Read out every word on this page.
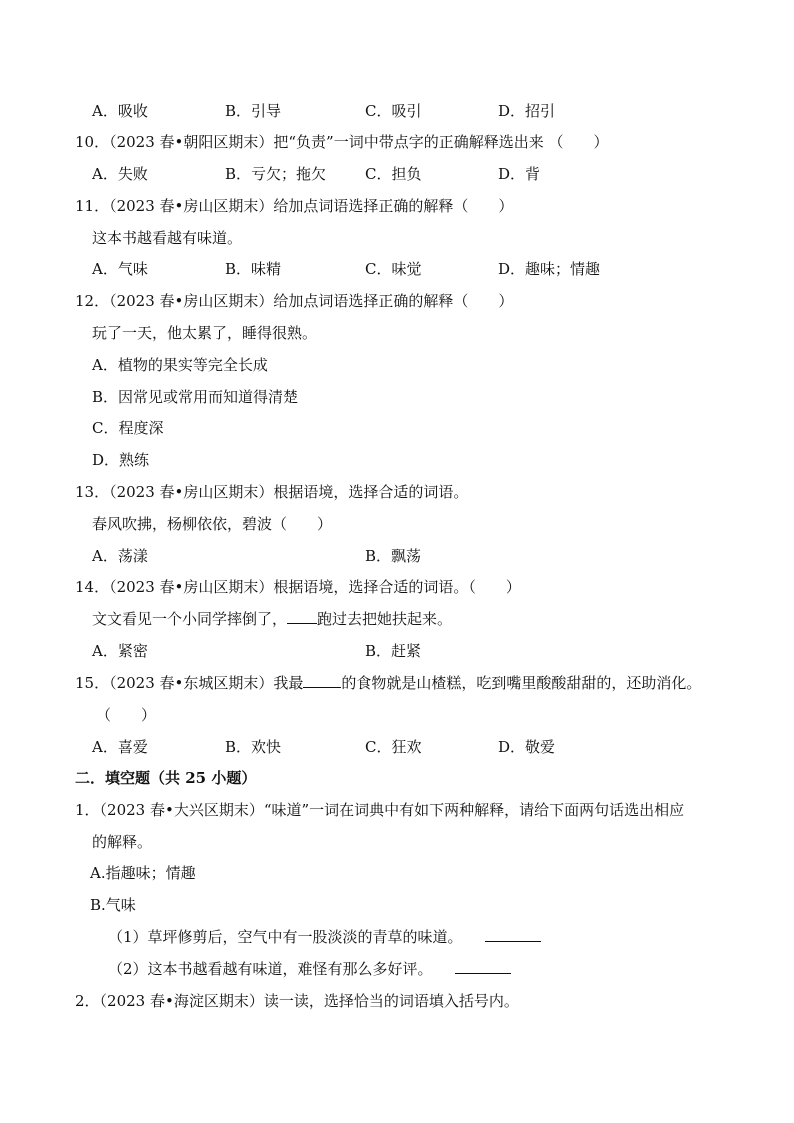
A．吸收	B．引导	C．吸引	D．招引
10．（2023 春•朝阳区期末）把“负责”一词中带点字的正确解释选出来 （　　）
A．失败	B．亏欠；拖欠	C．担负	D．背
11．（2023 春•房山区期末）给加点词语选择正确的解释（　　）
这本书越看越有味道。
A．气味	B．味精	C．味觉	D．趣味；情趣
12．（2023 春•房山区期末）给加点词语选择正确的解释（　　）
玩了一天，他太累了，睡得很熟。
A．植物的果实等完全长成
B．因常见或常用而知道得清楚
C．程度深
D．熟练
13．（2023 春•房山区期末）根据语境，选择合适的词语。
春风吹拂，杨柳依依，碧波（　　）
A．荡漾	B．飘荡
14．（2023 春•房山区期末）根据语境，选择合适的词语。（　　）
文文看见一个小同学摔倒了， 跑过去把她扶起来。
A．紧密	B．赶紧
15．（2023 春•东城区期末）我最	的食物就是山楂糕，吃到嘴里酸酸甜甜的，还助消化。
（　　）
A．喜爱	B．欢快	C．狂欢	D．敬爱
二．填空题（共 25 小题）
1．（2023 春•大兴区期末）“味道”一词在词典中有如下两种解释，请给下面两句话选出相应
的解释。
A.指趣味；情趣
B.气味
（1）草坪修剪后，空气中有一股淡淡的青草的味道。
（2）这本书越看越有味道，难怪有那么多好评。
2．（2023 春•海淀区期末）读一读，选择恰当的词语填入括号内。
